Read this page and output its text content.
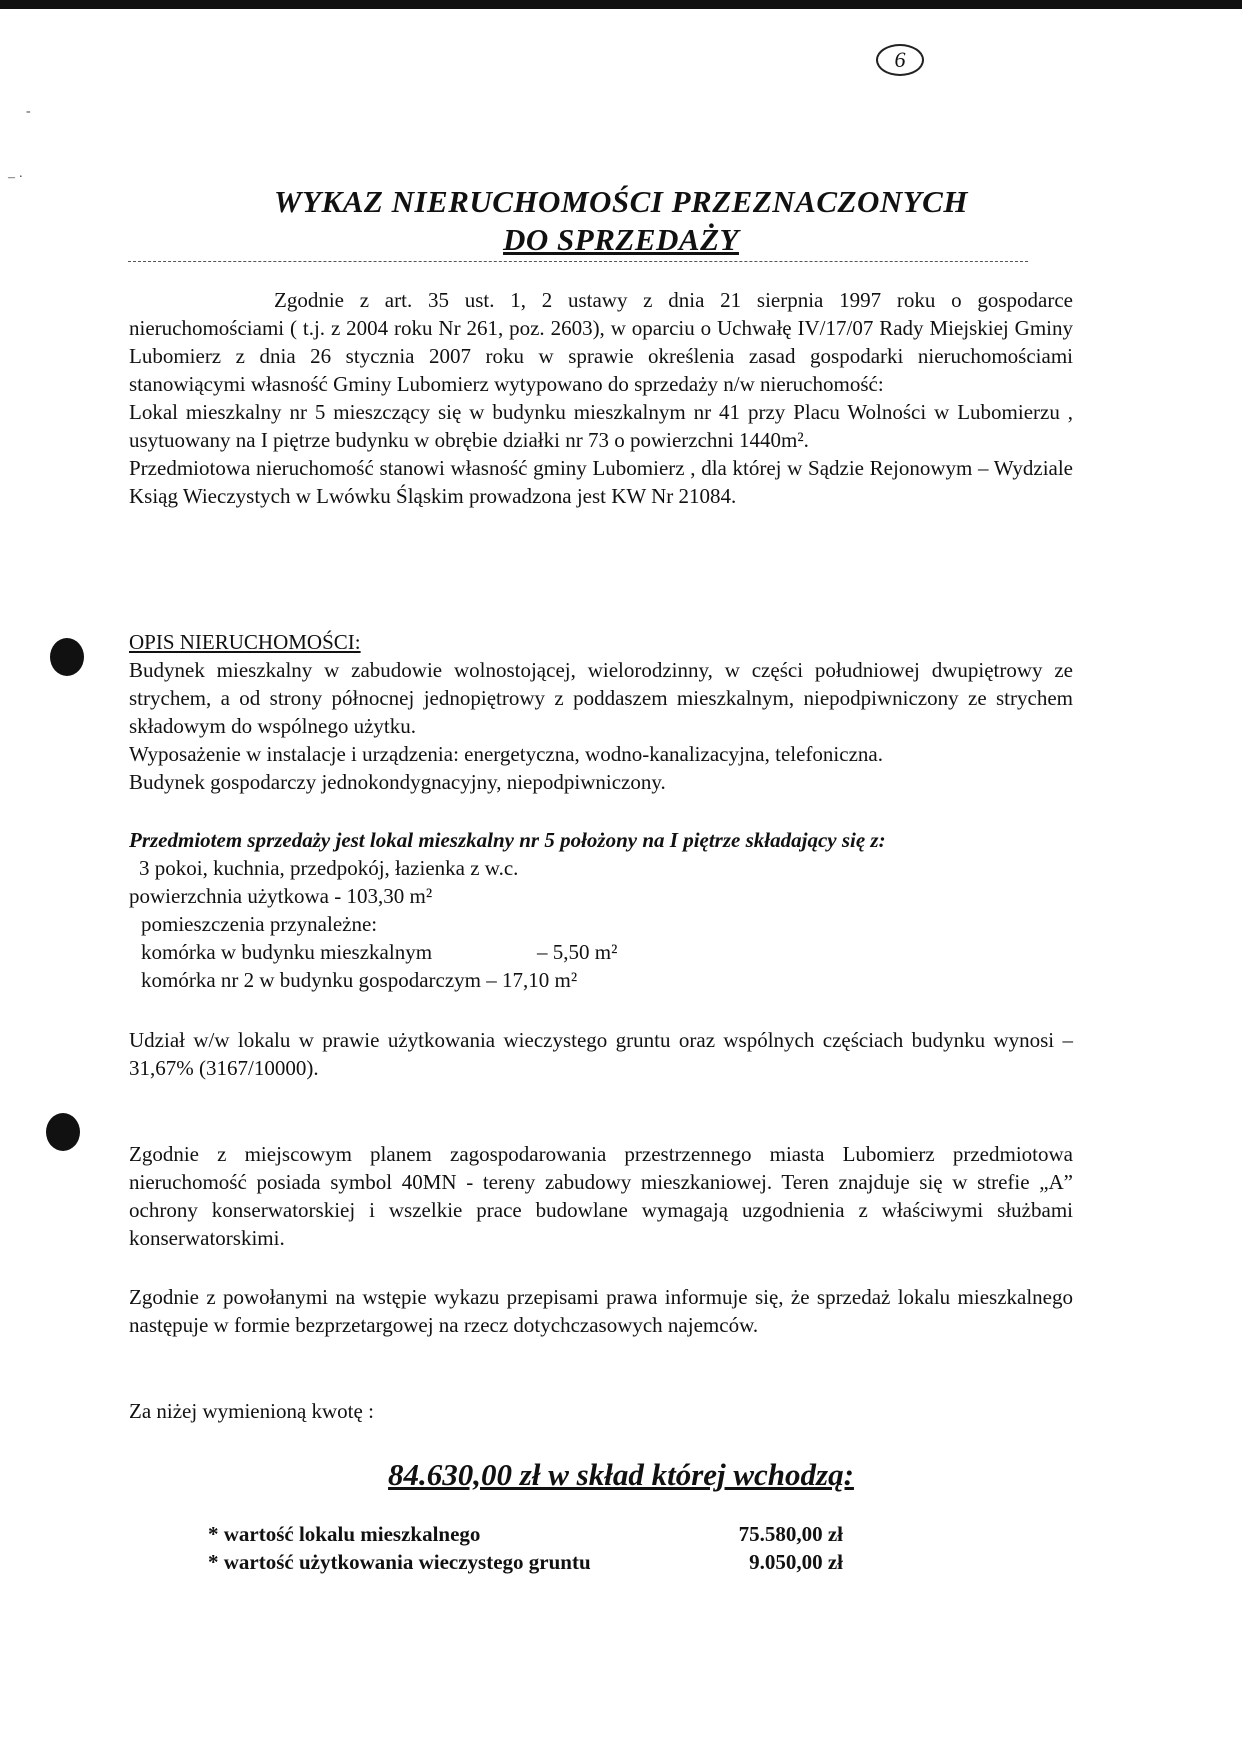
-
– ·
6
WYKAZ NIERUCHOMOŚCI PRZEZNACZONYCH
DO SPRZEDAŻY

Zgodnie z art. 35 ust. 1, 2 ustawy z dnia 21 sierpnia 1997 roku o gospodarce nieruchomościami ( t.j. z 2004 roku Nr 261, poz. 2603), w oparciu o Uchwałę IV/17/07 Rady Miejskiej Gminy Lubomierz z dnia 26 stycznia 2007 roku w sprawie określenia zasad gospodarki nieruchomościami stanowiącymi własność Gminy Lubomierz wytypowano do sprzedaży n/w nieruchomość:

Lokal mieszkalny nr 5 mieszczący się w budynku mieszkalnym nr 41 przy Placu Wolności w Lubomierzu , usytuowany na I piętrze budynku w obrębie działki nr 73 o powierzchni 1440m².

Przedmiotowa nieruchomość stanowi własność gminy Lubomierz , dla której w Sądzie Rejonowym – Wydziale Ksiąg Wieczystych w Lwówku Śląskim prowadzona jest KW Nr 21084.

OPIS NIERUCHOMOŚCI:

Budynek mieszkalny w zabudowie wolnostojącej, wielorodzinny, w części południowej dwupiętrowy ze strychem, a od strony północnej jednopiętrowy z poddaszem mieszkalnym, niepodpiwniczony ze strychem składowym do wspólnego użytku.

Wyposażenie w instalacje i urządzenia: energetyczna, wodno-kanalizacyjna, telefoniczna.

Budynek gospodarczy jednokondygnacyjny, niepodpiwniczony.

Przedmiotem sprzedaży jest lokal mieszkalny nr 5 położony na I piętrze składający się z:

3 pokoi, kuchnia, przedpokój, łazienka z w.c.

powierzchnia użytkowa - 103,30 m²

pomieszczenia przynależne:

komórka w budynku mieszkalnym	– 5,50 m²

komórka nr 2 w budynku gospodarczym – 17,10 m²

Udział w/w lokalu w prawie użytkowania wieczystego gruntu oraz wspólnych częściach budynku wynosi – 31,67% (3167/10000).
Zgodnie z miejscowym planem zagospodarowania przestrzennego miasta Lubomierz przedmiotowa nieruchomość posiada symbol 40MN - tereny zabudowy mieszkaniowej. Teren znajduje się w strefie „A” ochrony konserwatorskiej i wszelkie prace budowlane wymagają uzgodnienia z właściwymi służbami konserwatorskimi.
Zgodnie z powołanymi na wstępie wykazu przepisami prawa informuje się, że sprzedaż lokalu mieszkalnego następuje w formie bezprzetargowej na rzecz dotychczasowych najemców.
Za niżej wymienioną kwotę :
84.630,00 zł w skład której wchodzą:
* wartość lokalu mieszkalnego	75.580,00 zł
* wartość użytkowania wieczystego gruntu	9.050,00 zł
